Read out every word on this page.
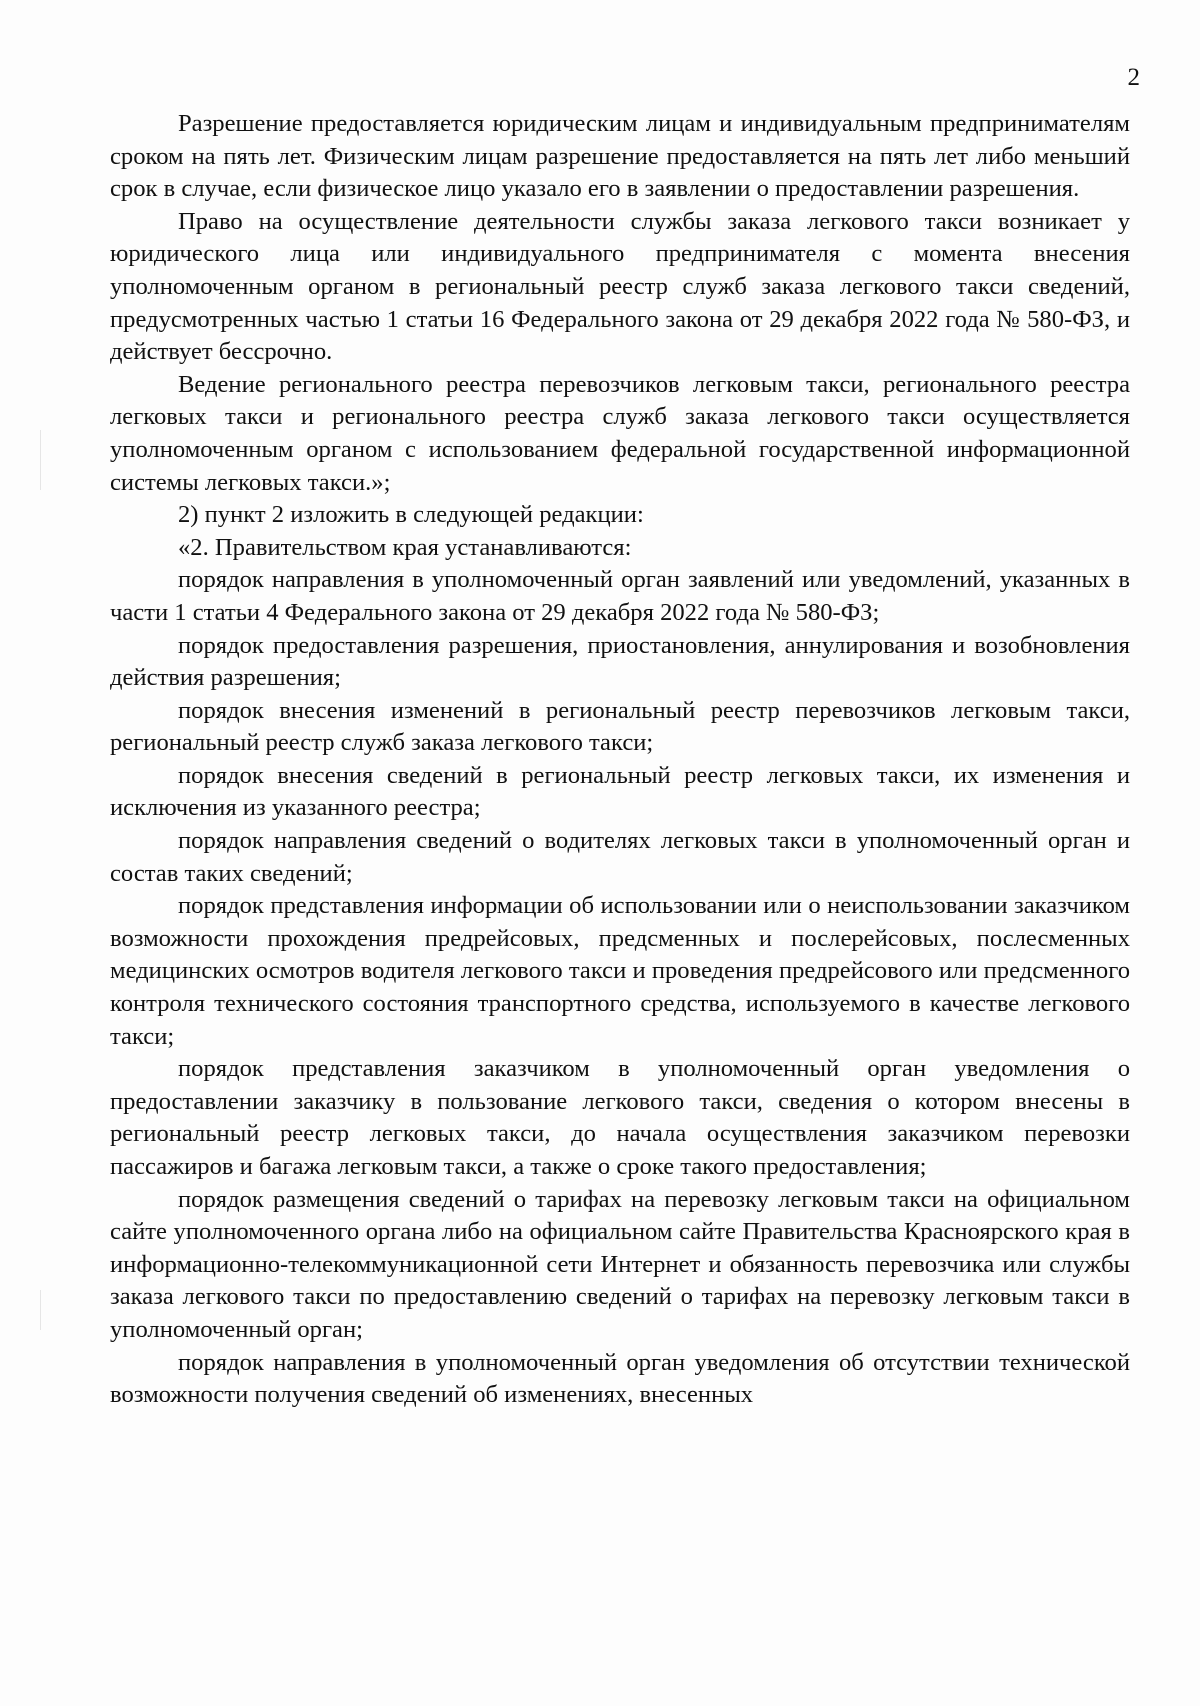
2

Разрешение предоставляется юридическим лицам и индивидуальным предпринимателям сроком на пять лет. Физическим лицам разрешение предоставляется на пять лет либо меньший срок в случае, если физическое лицо указало его в заявлении о предоставлении разрешения.

Право на осуществление деятельности службы заказа легкового такси возникает у юридического лица или индивидуального предпринимателя с момента внесения уполномоченным органом в региональный реестр служб заказа легкового такси сведений, предусмотренных частью 1 статьи 16 Федерального закона от 29 декабря 2022 года № 580-ФЗ, и действует бессрочно.

Ведение регионального реестра перевозчиков легковым такси, регионального реестра легковых такси и регионального реестра служб заказа легкового такси осуществляется уполномоченным органом с использованием федеральной государственной информационной системы легковых такси.»;

2) пункт 2 изложить в следующей редакции:

«2. Правительством края устанавливаются:

порядок направления в уполномоченный орган заявлений или уведомлений, указанных в части 1 статьи 4 Федерального закона от 29 декабря 2022 года № 580-ФЗ;

порядок предоставления разрешения, приостановления, аннулирования и возобновления действия разрешения;

порядок внесения изменений в региональный реестр перевозчиков легковым такси, региональный реестр служб заказа легкового такси;

порядок внесения сведений в региональный реестр легковых такси, их изменения и исключения из указанного реестра;

порядок направления сведений о водителях легковых такси в уполномоченный орган и состав таких сведений;

порядок представления информации об использовании или о неиспользовании заказчиком возможности прохождения предрейсовых, предсменных и послерейсовых, послесменных медицинских осмотров водителя легкового такси и проведения предрейсового или предсменного контроля технического состояния транспортного средства, используемого в качестве легкового такси;

порядок представления заказчиком в уполномоченный орган уведомления о предоставлении заказчику в пользование легкового такси, сведения о котором внесены в региональный реестр легковых такси, до начала осуществления заказчиком перевозки пассажиров и багажа легковым такси, а также о сроке такого предоставления;

порядок размещения сведений о тарифах на перевозку легковым такси на официальном сайте уполномоченного органа либо на официальном сайте Правительства Красноярского края в информационно-телекоммуникационной сети Интернет и обязанность перевозчика или службы заказа легкового такси по предоставлению сведений о тарифах на перевозку легковым такси в уполномоченный орган;

порядок направления в уполномоченный орган уведомления об отсутствии технической возможности получения сведений об изменениях, внесенных
